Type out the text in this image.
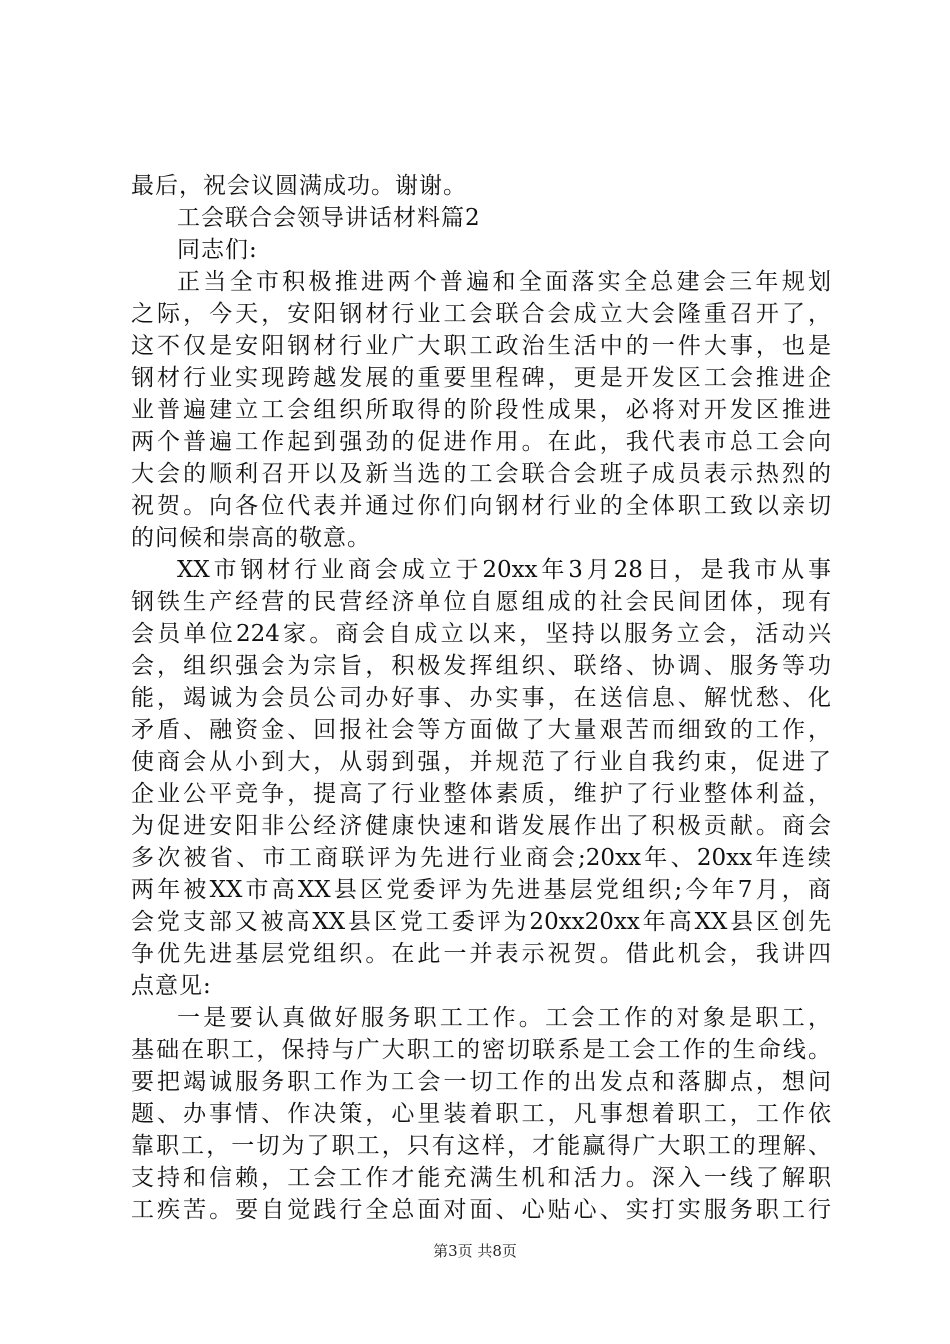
最后，祝会议圆满成功。谢谢。
工会联合会领导讲话材料篇2
同志们:
正当全市积极推进两个普遍和全面落实全总建会三年规划
之际，今天，安阳钢材行业工会联合会成立大会隆重召开了，
这不仅是安阳钢材行业广大职工政治生活中的一件大事，也是
钢材行业实现跨越发展的重要里程碑，更是开发区工会推进企
业普遍建立工会组织所取得的阶段性成果，必将对开发区推进
两个普遍工作起到强劲的促进作用。在此，我代表市总工会向
大会的顺利召开以及新当选的工会联合会班子成员表示热烈的
祝贺。向各位代表并通过你们向钢材行业的全体职工致以亲切
的问候和崇高的敬意。
XX市钢材行业商会成立于20xx年3月28日，是我市从事
钢铁生产经营的民营经济单位自愿组成的社会民间团体，现有
会员单位224家。商会自成立以来，坚持以服务立会，活动兴
会，组织强会为宗旨，积极发挥组织、联络、协调、服务等功
能，竭诚为会员公司办好事、办实事，在送信息、解忧愁、化
矛盾、融资金、回报社会等方面做了大量艰苦而细致的工作，
使商会从小到大，从弱到强，并规范了行业自我约束，促进了
企业公平竞争，提高了行业整体素质，维护了行业整体利益，
为促进安阳非公经济健康快速和谐发展作出了积极贡献。商会
多次被省、市工商联评为先进行业商会;20xx年、20xx年连续
两年被XX市高XX县区党委评为先进基层党组织;今年7月，商
会党支部又被高XX县区党工委评为20xx20xx年高XX县区创先
争优先进基层党组织。在此一并表示祝贺。借此机会，我讲四
点意见:
一是要认真做好服务职工工作。工会工作的对象是职工，
基础在职工，保持与广大职工的密切联系是工会工作的生命线。
要把竭诚服务职工作为工会一切工作的出发点和落脚点，想问
题、办事情、作决策，心里装着职工，凡事想着职工，工作依
靠职工，一切为了职工，只有这样，才能赢得广大职工的理解、
支持和信赖，工会工作才能充满生机和活力。深入一线了解职
工疾苦。要自觉践行全总面对面、心贴心、实打实服务职工行
第3页 共8页
